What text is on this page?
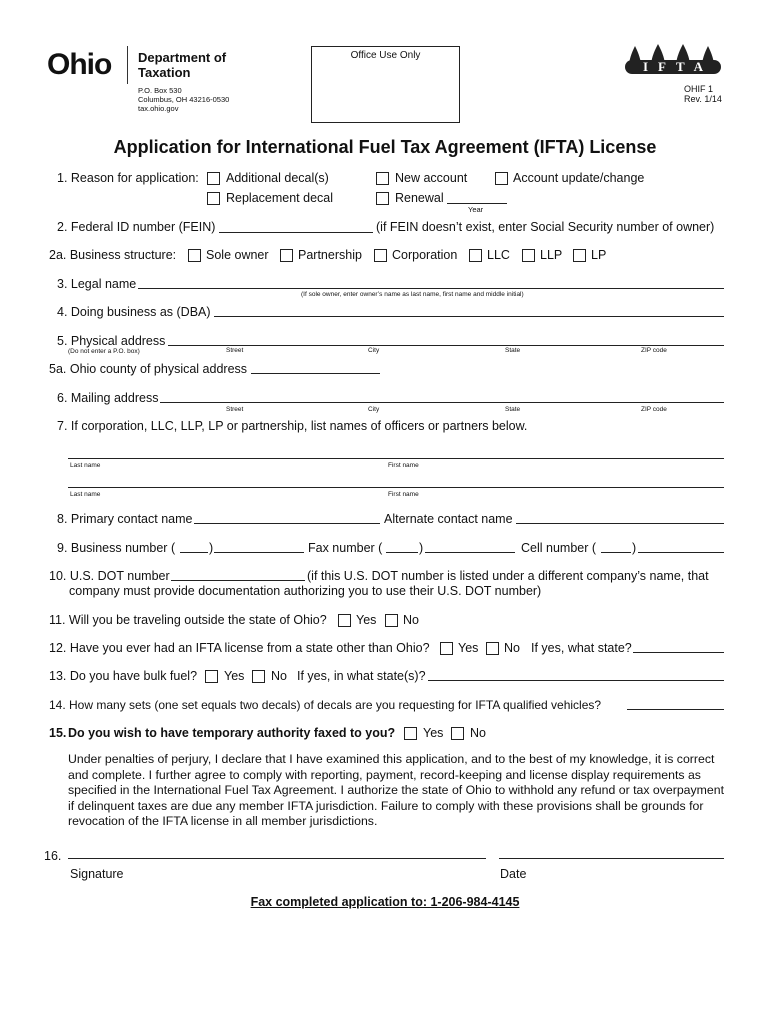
Ohio Department of
Taxation
P.O. Box 530
Columbus, OH 43216-0530
tax.ohio.gov
Office Use Only
IFTA
OHIF 1
Rev. 1/14
Application for International Fuel Tax Agreement (IFTA) License
1. Reason for application: Additional decal(s)	New account	Account update/change
Replacement decal	Renewal
Year
2. Federal ID number (FEIN)	(if FEIN doesn’t exist, enter Social Security number of owner)
2a. Business structure: Sole owner Partnership Corporation LLC LLP LP
3. Legal name
(If sole owner, enter owner’s name as last name, first name and middle initial)
4. Doing business as (DBA)
5. Physical address
(Do not enter a P.O. box)	Street	City	State	ZIP code
5a. Ohio county of physical address
6. Mailing address
Street	City	State	ZIP code
7. If corporation, LLC, LLP, LP or partnership, list names of officers or partners below.
Last name	First name
Last name	First name
8. Primary contact name	Alternate contact name
9. Business number (	)	Fax number (	)	Cell number (	)
10. U.S. DOT number	(if this U.S. DOT number is listed under a different company’s name, that
company must provide documentation authorizing you to use their U.S. DOT number)
11. Will you be traveling outside the state of Ohio? Yes No
12. Have you ever had an IFTA license from a state other than Ohio? Yes No If yes, what state?
13. Do you have bulk fuel? Yes No If yes, in what state(s)?
14. How many sets (one set equals two decals) of decals are you requesting for IFTA qualified vehicles?
15. Do you wish to have temporary authority faxed to you? Yes No
Under penalties of perjury, I declare that I have examined this application, and to the best of my knowledge, it is correct
and complete. I further agree to comply with reporting, payment, record-keeping and license display requirements as
specified in the International Fuel Tax Agreement. I authorize the state of Ohio to withhold any refund or tax overpayment
if delinquent taxes are due any member IFTA jurisdiction. Failure to comply with these provisions shall be grounds for
revocation of the IFTA license in all member jurisdictions.
16.
Signature	Date
Fax completed application to: 1-206-984-4145
